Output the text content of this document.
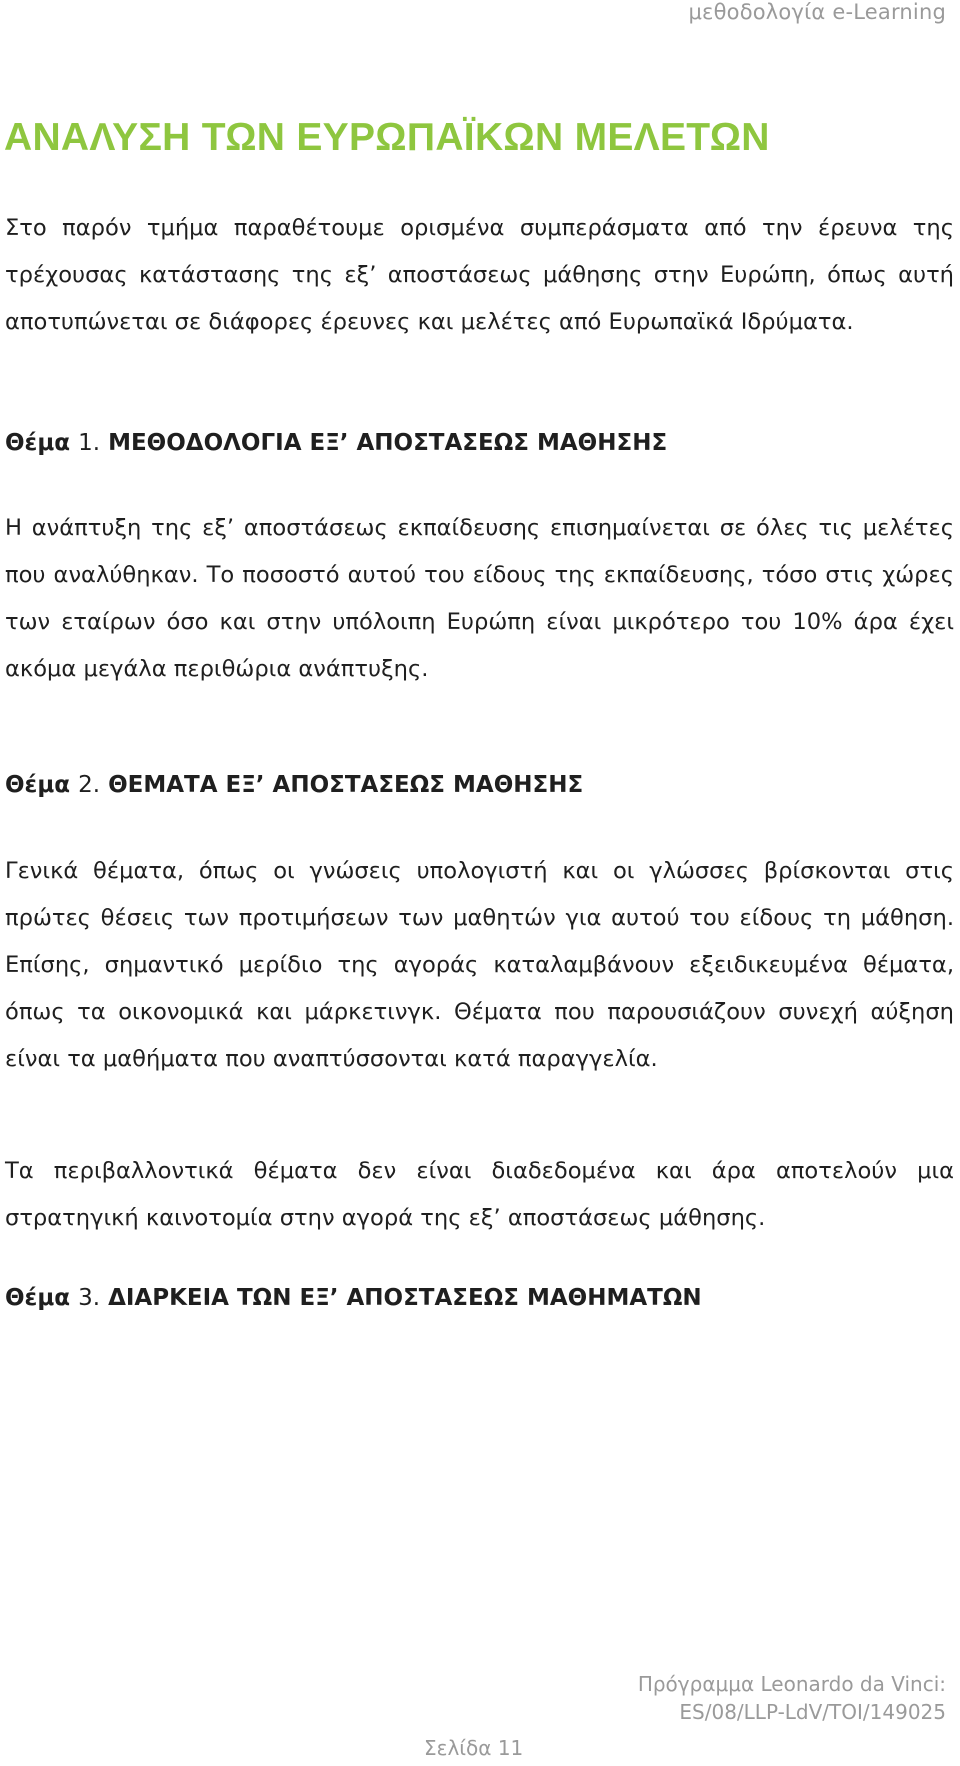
μεθοδολογία e-Learning
ΑΝΑΛΥΣΗ ΤΩΝ ΕΥΡΩΠΑΪΚΩΝ ΜΕΛΕΤΩΝ

Στο παρόν τμήμα παραθέτουμε ορισμένα συμπεράσματα από την έρευνα της τρέχουσας κατάστασης της εξ’ αποστάσεως μάθησης στην Ευρώπη, όπως αυτή αποτυπώνεται σε διάφορες έρευνες και μελέτες από Ευρωπαϊκά Ιδρύματα.

Θέμα 1. ΜΕΘΟΔΟΛΟΓΙΑ ΕΞ’ ΑΠΟΣΤΑΣΕΩΣ ΜΑΘΗΣΗΣ

Η ανάπτυξη της εξ’ αποστάσεως εκπαίδευσης επισημαίνεται σε όλες τις μελέτες που αναλύθηκαν. Το ποσοστό αυτού του είδους της εκπαίδευσης, τόσο στις χώρες των εταίρων όσο και στην υπόλοιπη Ευρώπη είναι μικρότερο του 10% άρα έχει ακόμα μεγάλα περιθώρια ανάπτυξης.

Θέμα 2. ΘΕΜΑΤΑ ΕΞ’ ΑΠΟΣΤΑΣΕΩΣ ΜΑΘΗΣΗΣ

Γενικά θέματα, όπως οι γνώσεις υπολογιστή και οι γλώσσες βρίσκονται στις πρώτες θέσεις των προτιμήσεων των μαθητών για αυτού του είδους τη μάθηση. Επίσης, σημαντικό μερίδιο της αγοράς καταλαμβάνουν εξειδικευμένα θέματα, όπως τα οικονομικά και μάρκετινγκ. Θέματα που παρουσιάζουν συνεχή αύξηση είναι τα μαθήματα που αναπτύσσονται κατά παραγγελία.

Τα περιβαλλοντικά θέματα δεν είναι διαδεδομένα και άρα αποτελούν μια στρατηγική καινοτομία στην αγορά της εξ’ αποστάσεως μάθησης.

Θέμα 3. ΔΙΑΡΚΕΙΑ ΤΩΝ ΕΞ’ ΑΠΟΣΤΑΣΕΩΣ ΜΑΘΗΜΑΤΩΝ
Πρόγραμμα Leonardo da Vinci:
ES/08/LLP-LdV/TOI/149025
Σελίδα 11
